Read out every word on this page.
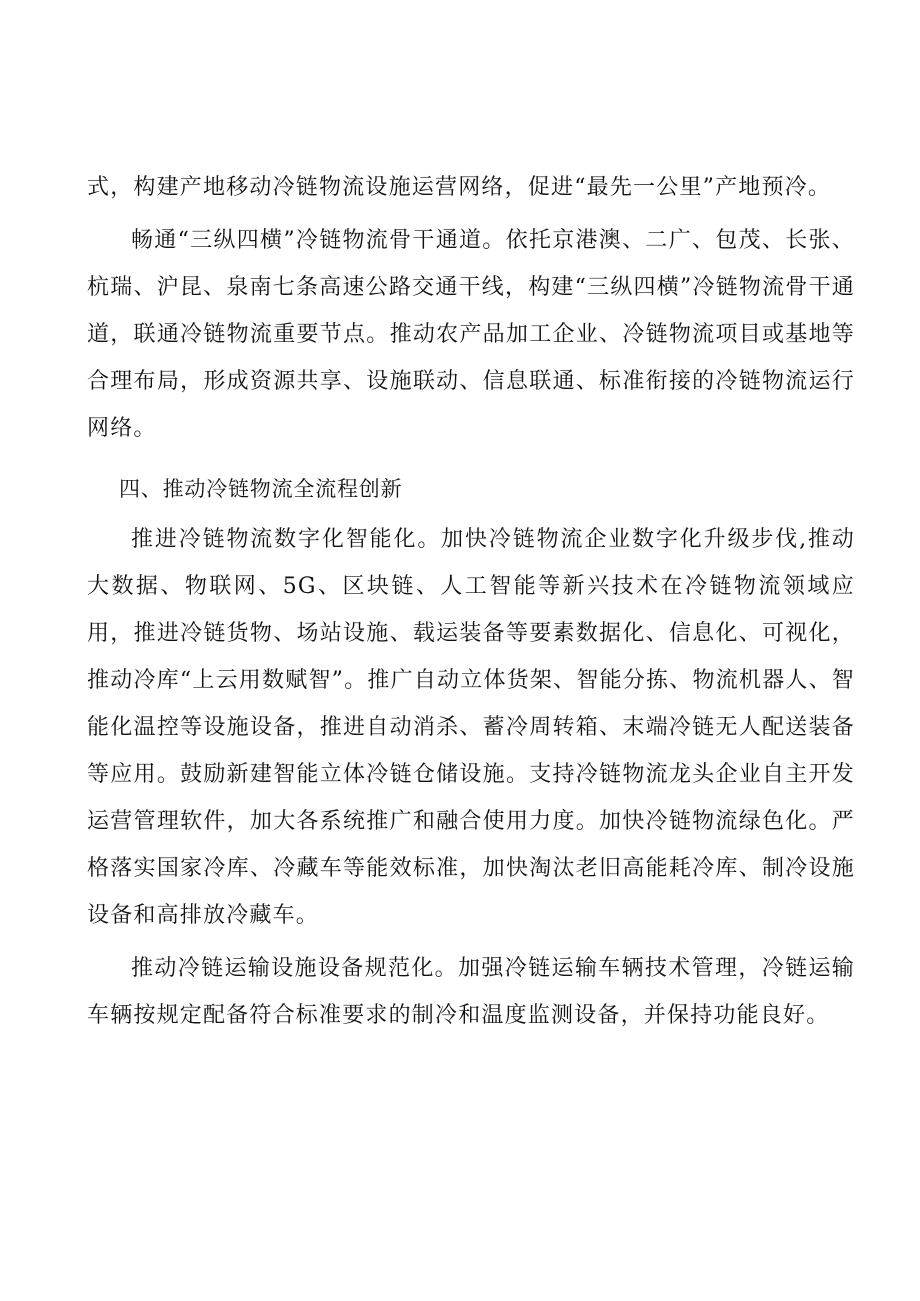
式，构建产地移动冷链物流设施运营网络，促进“最先一公里”产地预冷。

畅通“三纵四横”冷链物流骨干通道。依托京港澳、二广、包茂、长张、杭瑞、沪昆、泉南七条高速公路交通干线，构建“三纵四横”冷链物流骨干通道，联通冷链物流重要节点。推动农产品加工企业、冷链物流项目或基地等合理布局，形成资源共享、设施联动、信息联通、标准衔接的冷链物流运行网络。

四、推动冷链物流全流程创新

推进冷链物流数字化智能化。加快冷链物流企业数字化升级步伐,推动大数据、物联网、5G、区块链、人工智能等新兴技术在冷链物流领域应用，推进冷链货物、场站设施、载运装备等要素数据化、信息化、可视化，推动冷库“上云用数赋智”。推广自动立体货架、智能分拣、物流机器人、智能化温控等设施设备，推进自动消杀、蓄冷周转箱、末端冷链无人配送装备等应用。鼓励新建智能立体冷链仓储设施。支持冷链物流龙头企业自主开发运营管理软件，加大各系统推广和融合使用力度。加快冷链物流绿色化。严格落实国家冷库、冷藏车等能效标准，加快淘汰老旧高能耗冷库、制冷设施设备和高排放冷藏车。

推动冷链运输设施设备规范化。加强冷链运输车辆技术管理，冷链运输车辆按规定配备符合标准要求的制冷和温度监测设备，并保持功能良好。
